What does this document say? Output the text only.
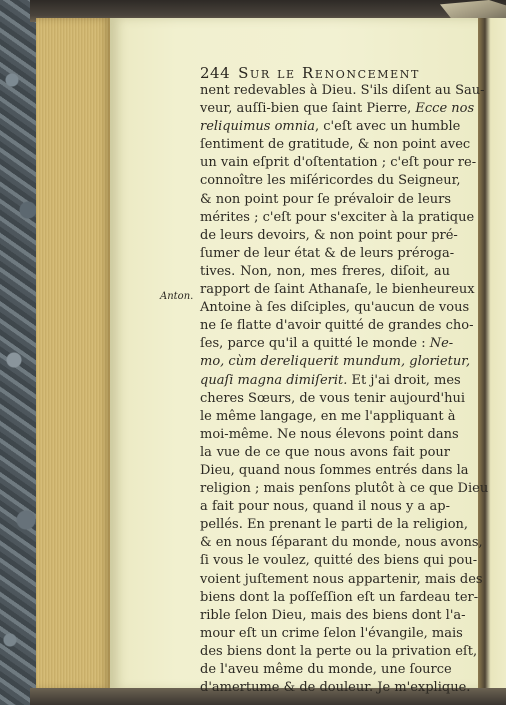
244 Sur le Renoncement
Anton.
nent redevables à Dieu. S'ils diſent au Sau-
veur, auſſi-bien que ſaint Pierre, Ecce nos
reliquimus omnia, c'eſt avec un humble
ſentiment de gratitude, & non point avec
un vain eſprit d'oſtentation ; c'eſt pour re-
connoître les miſéricordes du Seigneur,
& non point pour ſe prévaloir de leurs
mérites ; c'eſt pour s'exciter à la pratique
de leurs devoirs, & non point pour pré-
ſumer de leur état & de leurs préroga-
tives. Non, non, mes freres, diſoit, au
rapport de ſaint Athanaſe, le bienheureux
Antoine à ſes diſciples, qu'aucun de vous
ne ſe flatte d'avoir quitté de grandes cho-
ſes, parce qu'il a quitté le monde : Ne-
mo, cùm dereliquerit mundum, glorietur,
quaſi magna dimiſerit. Et j'ai droit, mes
cheres Sœurs, de vous tenir aujourd'hui
le même langage, en me l'appliquant à
moi-même. Ne nous élevons point dans
la vue de ce que nous avons fait pour
Dieu, quand nous ſommes entrés dans la
religion ; mais penſons plutôt à ce que Dieu
a fait pour nous, quand il nous y a ap-
pellés. En prenant le parti de la religion,
& en nous ſéparant du monde, nous avons,
ſi vous le voulez, quitté des biens qui pou-
voient juſtement nous appartenir, mais des
biens dont la poſſeſſion eſt un fardeau ter-
rible ſelon Dieu, mais des biens dont l'a-
mour eſt un crime ſelon l'évangile, mais
des biens dont la perte ou la privation eſt,
de l'aveu même du monde, une ſource
d'amertume & de douleur. Je m'explique.
